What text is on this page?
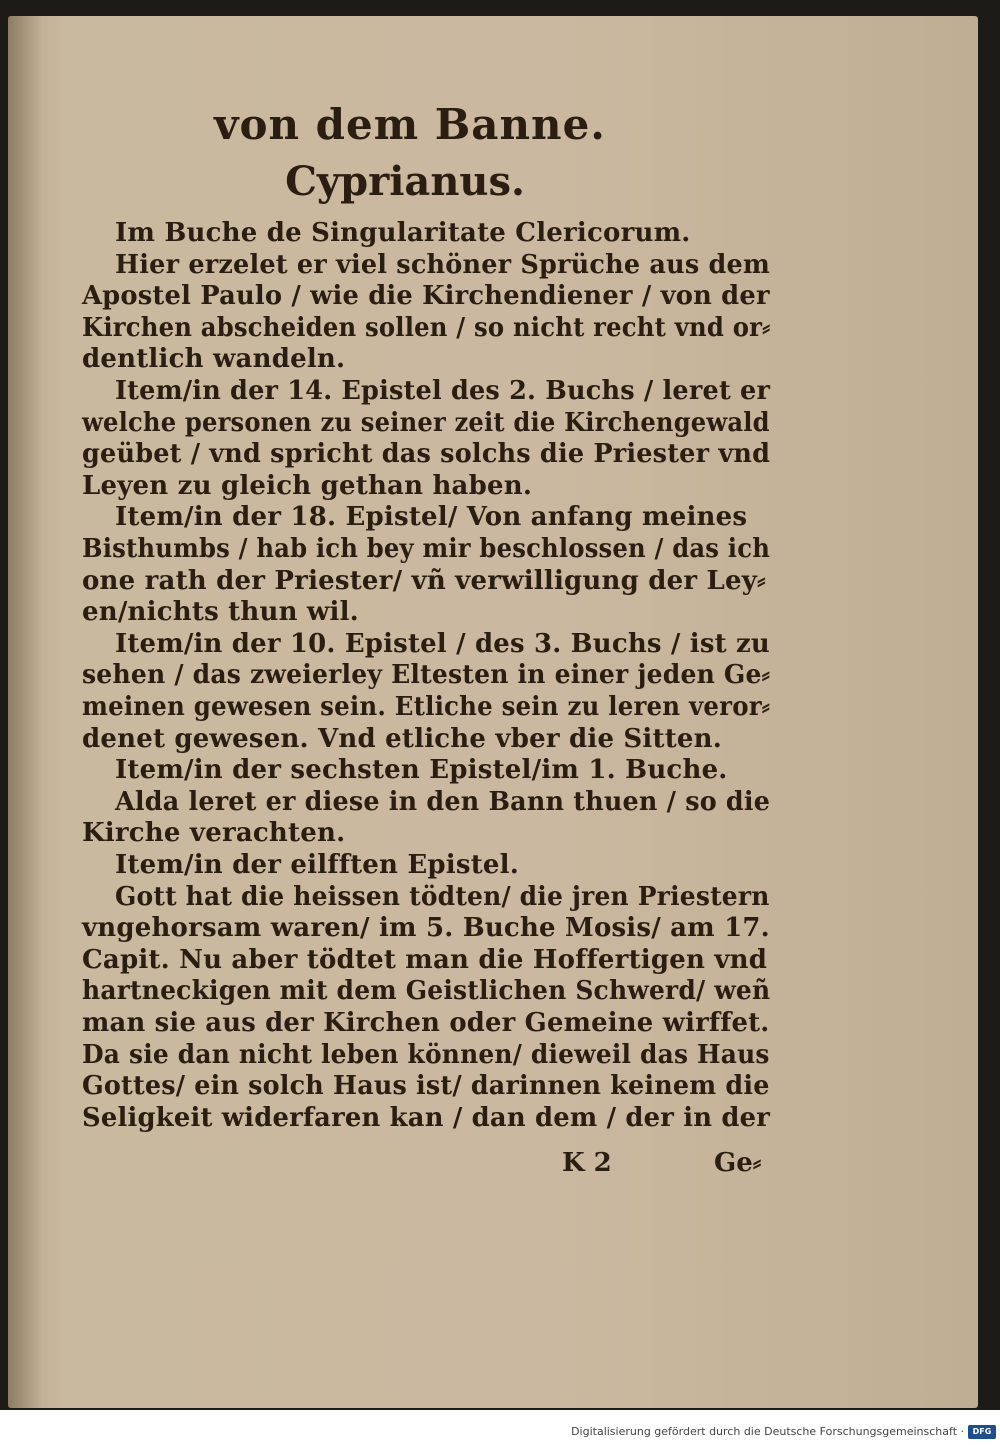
von dem Banne.
Cyprianus.

Im Buche de Singularitate Clericorum.

Hier erzelet er viel schöner Sprüche aus dem

Apostel Paulo / wie die Kirchendiener / von der

Kirchen abscheiden sollen / so nicht recht vnd or⸗

dentlich wandeln.

Item/in der 14. Epistel des 2. Buchs / leret er

welche personen zu seiner zeit die Kirchengewald

geübet / vnd spricht das solchs die Priester vnd

Leyen zu gleich gethan haben.

Item/in der 18. Epistel/ Von anfang meines

Bisthumbs / hab ich bey mir beschlossen / das ich

one rath der Priester/ vñ verwilligung der Ley⸗

en/nichts thun wil.

Item/in der 10. Epistel / des 3. Buchs / ist zu

sehen / das zweierley Eltesten in einer jeden Ge⸗

meinen gewesen sein. Etliche sein zu leren veror⸗

denet gewesen. Vnd etliche vber die Sitten.

Item/in der sechsten Epistel/im 1. Buche.

Alda leret er diese in den Bann thuen / so die

Kirche verachten.

Item/in der eilfften Epistel.

Gott hat die heissen tödten/ die jren Priestern

vngehorsam waren/ im 5. Buche Mosis/ am 17.

Capit. Nu aber tödtet man die Hoffertigen vnd

hartneckigen mit dem Geistlichen Schwerd/ weñ

man sie aus der Kirchen oder Gemeine wirffet.

Da sie dan nicht leben können/ dieweil das Haus

Gottes/ ein solch Haus ist/ darinnen keinem die

Seligkeit widerfaren kan / dan dem / der in der

K 2	Ge⸗

Digitalisierung gefördert durch die Deutsche Forschungsgemeinschaft ·	DFG
